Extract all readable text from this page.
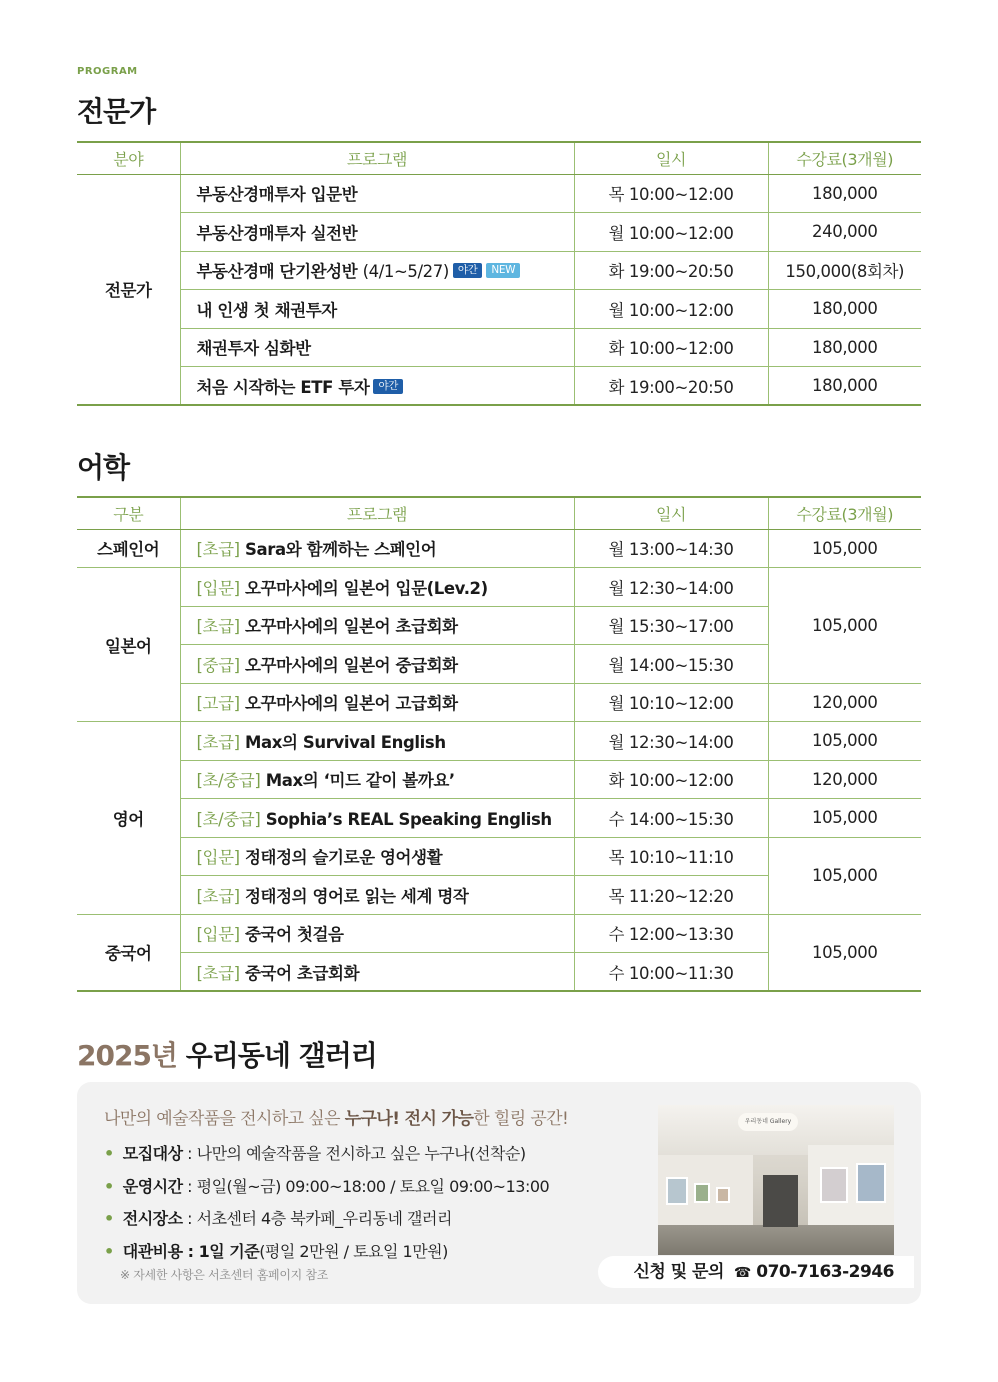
PROGRAM
전문가
분야	프로그램	일시	수강료(3개월)
전문가	부동산경매투자 입문반	목 10:00~12:00	180,000
	부동산경매투자 실전반	월 10:00~12:00	240,000
	부동산경매 단기완성반 (4/1~5/27) 야간 NEW	화 19:00~20:50	150,000(8회차)
	내 인생 첫 채권투자	월 10:00~12:00	180,000
	채권투자 심화반	화 10:00~12:00	180,000
	처음 시작하는 ETF 투자 야간	화 19:00~20:50	180,000
어학
구분	프로그램	일시	수강료(3개월)
스페인어	[초급] Sara와 함께하는 스페인어	월 13:00~14:30	105,000
일본어	[입문] 오꾸마사에의 일본어 입문(Lev.2)	월 12:30~14:00	105,000
	[초급] 오꾸마사에의 일본어 초급회화	월 15:30~17:00	
	[중급] 오꾸마사에의 일본어 중급회화	월 14:00~15:30	
	[고급] 오꾸마사에의 일본어 고급회화	월 10:10~12:00	120,000
영어	[초급] Max의 Survival English	월 12:30~14:00	105,000
	[초/중급] Max의 ‘미드 같이 볼까요’	화 10:00~12:00	120,000
	[초/중급] Sophia’s REAL Speaking English	수 14:00~15:30	105,000
	[입문] 정태정의 슬기로운 영어생활	목 10:10~11:10	105,000
	[초급] 정태정의 영어로 읽는 세계 명작	목 11:20~12:20	
중국어	[입문] 중국어 첫걸음	수 12:00~13:30	105,000
	[초급] 중국어 초급회화	수 10:00~11:30	
2025년 우리동네 갤러리
나만의 예술작품을 전시하고 싶은 누구나! 전시 가능한 힐링 공간!
• 모집대상 : 나만의 예술작품을 전시하고 싶은 누구나(선착순)
• 운영시간 : 평일(월~금) 09:00~18:00 / 토요일 09:00~13:00
• 전시장소 : 서초센터 4층 북카페_우리동네 갤러리
• 대관비용 : 1일 기준(평일 2만원 / 토요일 1만원)
※ 자세한 사항은 서초센터 홈페이지 참조
우리동네 Gallery
신청 및 문의 ☎ 070-7163-2946
